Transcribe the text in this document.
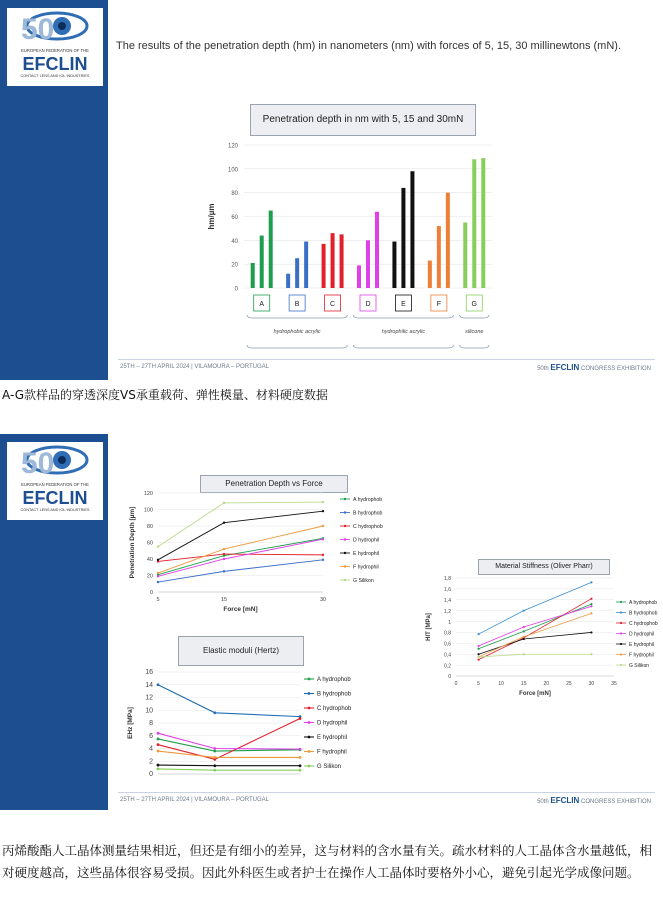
50
EUROPEAN FEDERATION OF THE
EFCLIN
CONTACT LENS AND IOL INDUSTRIES
The results of the penetration depth (hm) in nanometers (nm) with forces of 5, 15, 30 millinewtons (mN).
Penetration depth in nm with 5, 15 and 30mN
0
20
40
60
80
100
120
hm/µm
A	B	C	D	E	F	G
hydrophobic acrylic	hydrophilic acrylic	silicone
25TH – 27TH APRIL 2024 | VILAMOURA – PORTUGAL	50th EFCLIN CONGRESS EXHIBITION
A-G款样品的穿透深度VS承重载荷、弹性模量、材料硬度数据
50
EUROPEAN FEDERATION OF THE
EFCLIN
CONTACT LENS AND IOL INDUSTRIES
Penetration Depth vs Force
0
20
40
60
80
100
120
5	15	30
Force [mN]
Penetration Depth [µm]
A hydrophob
B hydrophob
C hydrophob
D hydrophil
E hydrophil
F hydrophil
G Silikon
Material Stiffness (Oliver Pharr)
0
0,2
0,4
0,6
0,8
1
1,2
1,4
1,6
1,8
0	5	10	15	20	25	30	35
Force [mN]
HIT [MPa]
A hydrophob
B hydrophob
C hydrophob
D hydrophil
E hydrophil
F hydrophil
G Silikon
Elastic moduli (Hertz)
0
2
4
6
8
10
12
14
16
EHz [MPa]
A hydrophob
B hydrophob
C hydrophob
D hydrophil
E hydrophil
F hydrophil
G Silikon
25TH – 27TH APRIL 2024 | VILAMOURA – PORTUGAL	50th EFCLIN CONGRESS EXHIBITION
丙烯酸酯人工晶体测量结果相近，但还是有细小的差异，这与材料的含水量有关。疏水材料的人工晶体含水量越低，相对硬度越高，这些晶体很容易受损。因此外科医生或者护士在操作人工晶体时要格外小心，避免引起光学成像问题。
